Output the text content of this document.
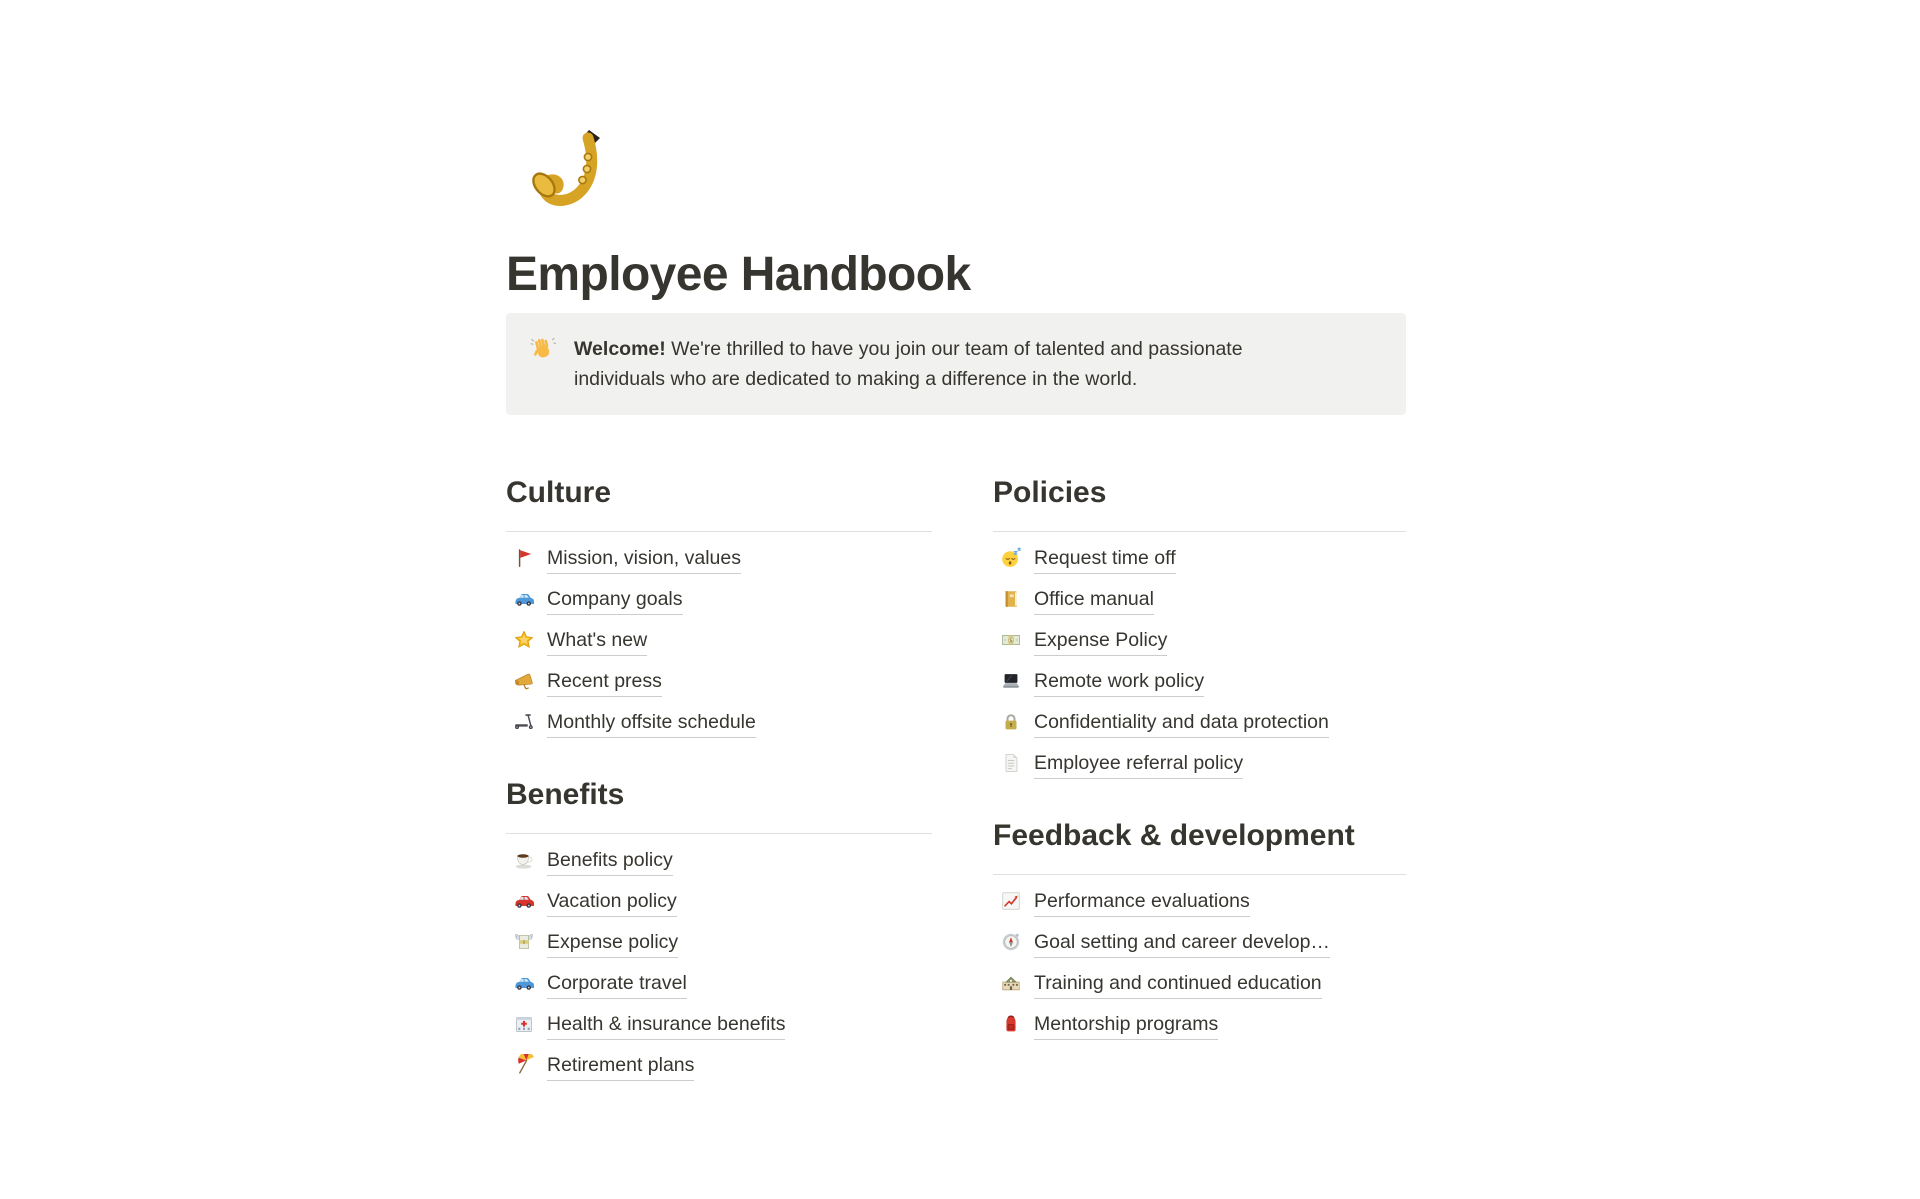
Employee Handbook
Welcome! We're thrilled to have you join our team of talented and passionate individuals who are dedicated to making a difference in the world.
Culture
Mission, vision, values
Company goals
What's new
Recent press
Monthly offsite schedule
Benefits
Benefits policy
Vacation policy
$ Expense policy
Corporate travel
Health & insurance benefits
Retirement plans
Policies
Request time off
Office manual
$ Expense Policy
Remote work policy
Confidentiality and data protection
Employee referral policy
Feedback & development
Performance evaluations
Goal setting and career develop…
Training and continued education
Mentorship programs
